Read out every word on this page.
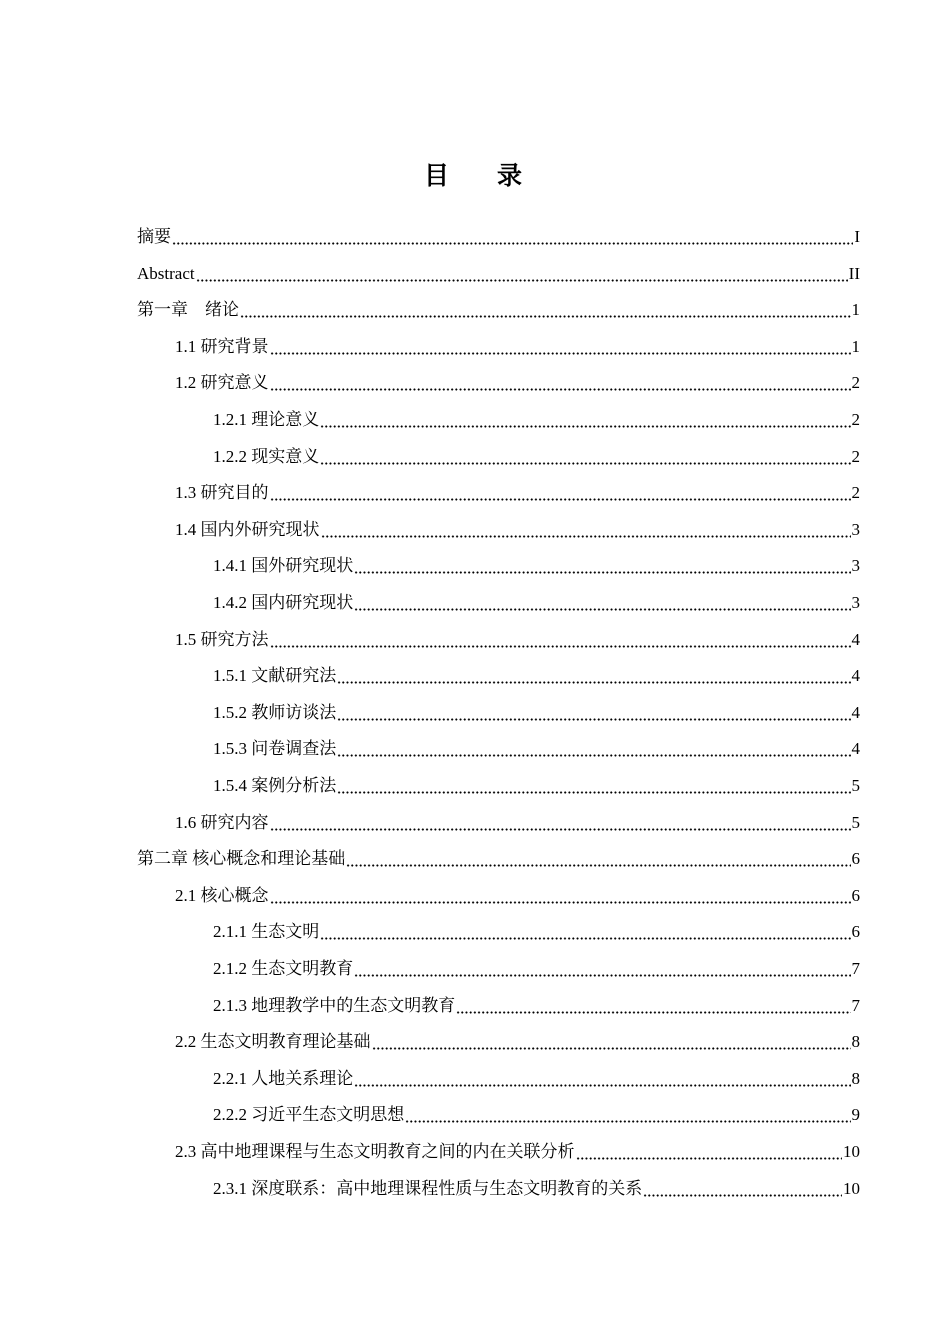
目 录
摘要	I
Abstract	II
第一章　绪论	1
1.1 研究背景	1
1.2 研究意义	2
1.2.1 理论意义	2
1.2.2 现实意义	2
1.3 研究目的	2
1.4 国内外研究现状	3
1.4.1 国外研究现状	3
1.4.2 国内研究现状	3
1.5 研究方法	4
1.5.1 文献研究法	4
1.5.2 教师访谈法	4
1.5.3 问卷调查法	4
1.5.4 案例分析法	5
1.6 研究内容	5
第二章 核心概念和理论基础	6
2.1 核心概念	6
2.1.1 生态文明	6
2.1.2 生态文明教育	7
2.1.3 地理教学中的生态文明教育	7
2.2 生态文明教育理论基础	8
2.2.1 人地关系理论	8
2.2.2 习近平生态文明思想	9
2.3 高中地理课程与生态文明教育之间的内在关联分析	10
2.3.1 深度联系：高中地理课程性质与生态文明教育的关系	10
